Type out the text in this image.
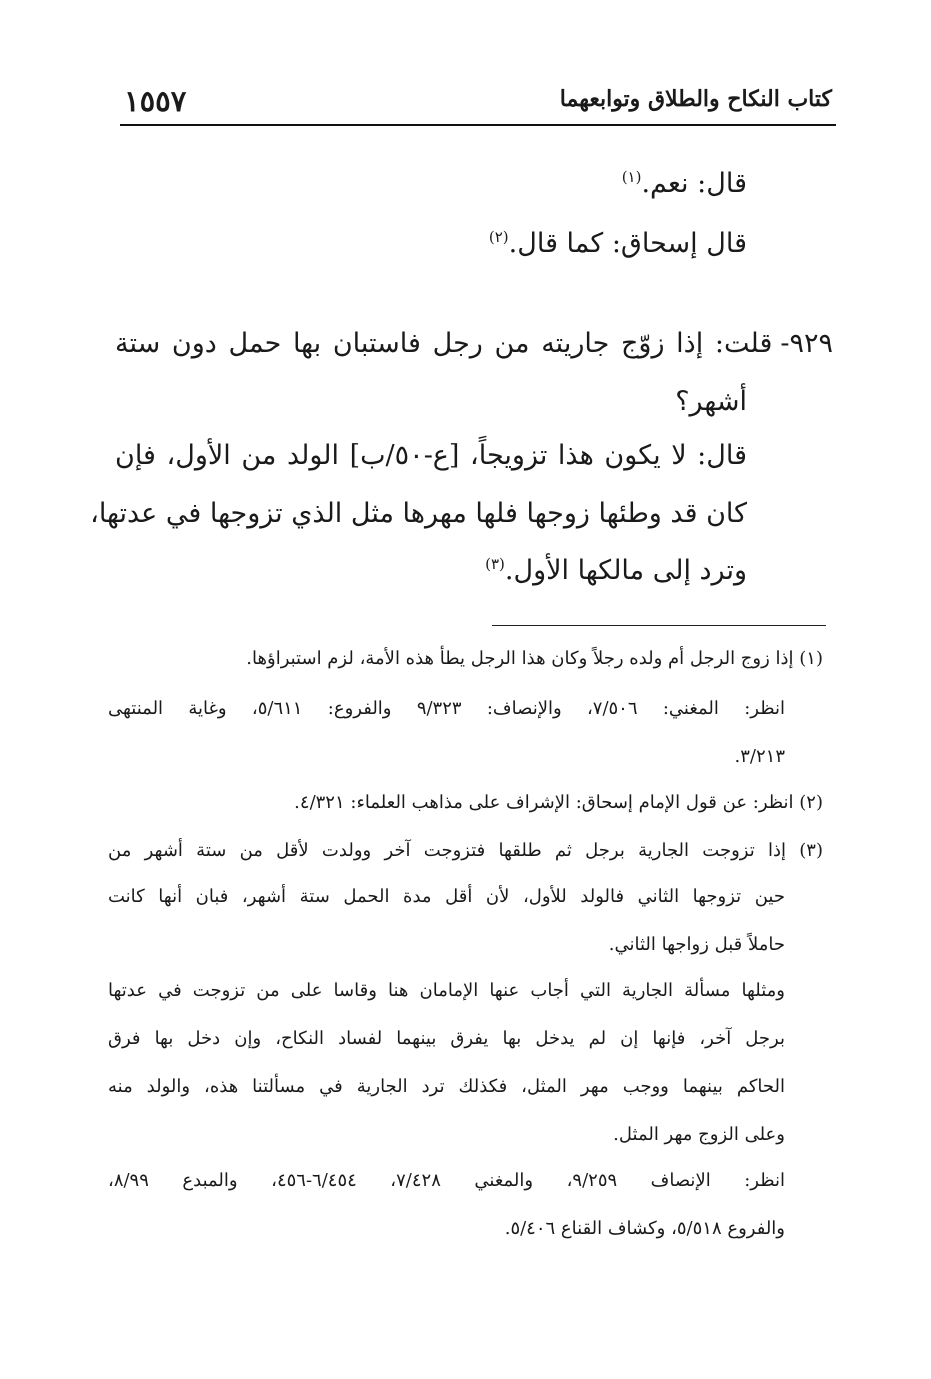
١٥٥٧	كتاب النكاح والطلاق وتوابعهما
قال: نعم.$^{(١)}$
قال إسحاق: كما قال.$^{(٢)}$
٩٢٩-قلت: إذا زوّج جاريته من رجل فاستبان بها حمل دون ستة
أشهر؟
قال: لا يكون هذا تزويجاً، [ع-٥٠/ب] الولد من الأول، فإن
كان قد وطئها زوجها فلها مهرها مثل الذي تزوجها في عدتها،
وترد إلى مالكها الأول.$^{(٣)}$
(١) إذا زوج الرجل أم ولده رجلاً وكان هذا الرجل يطأ هذه الأمة، لزم استبراؤها.
انظر: المغني: ٧/٥٠٦، والإنصاف: ٩/٣٢٣ والفروع: ٥/٦١١، وغاية المنتهى
٣/٢١٣.
(٢) انظر: عن قول الإمام إسحاق: الإشراف على مذاهب العلماء: ٤/٣٢١.
(٣) إذا تزوجت الجارية برجل ثم طلقها فتزوجت آخر وولدت لأقل من ستة أشهر من
حين تزوجها الثاني فالولد للأول، لأن أقل مدة الحمل ستة أشهر، فبان أنها كانت
حاملاً قبل زواجها الثاني.
ومثلها مسألة الجارية التي أجاب عنها الإمامان هنا وقاسا على من تزوجت في عدتها
برجل آخر، فإنها إن لم يدخل بها يفرق بينهما لفساد النكاح، وإن دخل بها فرق
الحاكم بينهما ووجب مهر المثل، فكذلك ترد الجارية في مسألتنا هذه، والولد منه
وعلى الزوج مهر المثل.
انظر: الإنصاف ٩/٢٥٩، والمغني ٧/٤٢٨، ٦/٤٥٤-٤٥٦، والمبدع ٨/٩٩،
والفروع ٥/٥١٨، وكشاف القناع ٥/٤٠٦.
